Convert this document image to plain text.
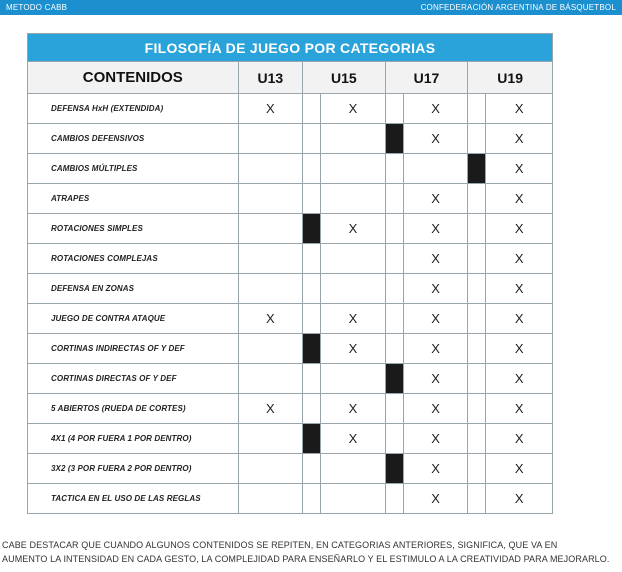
METODO CABB	CONFEDERACIÓN ARGENTINA DE BÁSQUETBOL
FILOSOFÍA DE JUEGO POR CATEGORIAS
CONTENIDOS	U13	U15		U17		U19	
DEFENSA HxH (EXTENDIDA)	X		X		X		X
CAMBIOS DEFENSIVOS					X		X
CAMBIOS MÚLTIPLES							X
ATRAPES					X		X
ROTACIONES SIMPLES			X		X		X
ROTACIONES COMPLEJAS					X		X
DEFENSA EN ZONAS					X		X
JUEGO DE CONTRA ATAQUE	X		X		X		X
CORTINAS INDIRECTAS OF Y DEF			X		X		X
CORTINAS DIRECTAS OF Y DEF					X		X
5 ABIERTOS (RUEDA DE CORTES)	X		X		X		X
4X1 (4 POR FUERA 1 POR DENTRO)			X		X		X
3X2 (3 POR FUERA 2 POR DENTRO)					X		X
TACTICA EN EL USO DE LAS REGLAS					X		X
CABE DESTACAR QUE CUANDO ALGUNOS CONTENIDOS SE REPITEN, EN CATEGORIAS ANTERIORES, SIGNIFICA, QUE VA EN
AUMENTO LA INTENSIDAD EN CADA GESTO, LA COMPLEJIDAD PARA ENSEÑARLO Y EL ESTIMULO A LA CREATIVIDAD PARA MEJORARLO.
